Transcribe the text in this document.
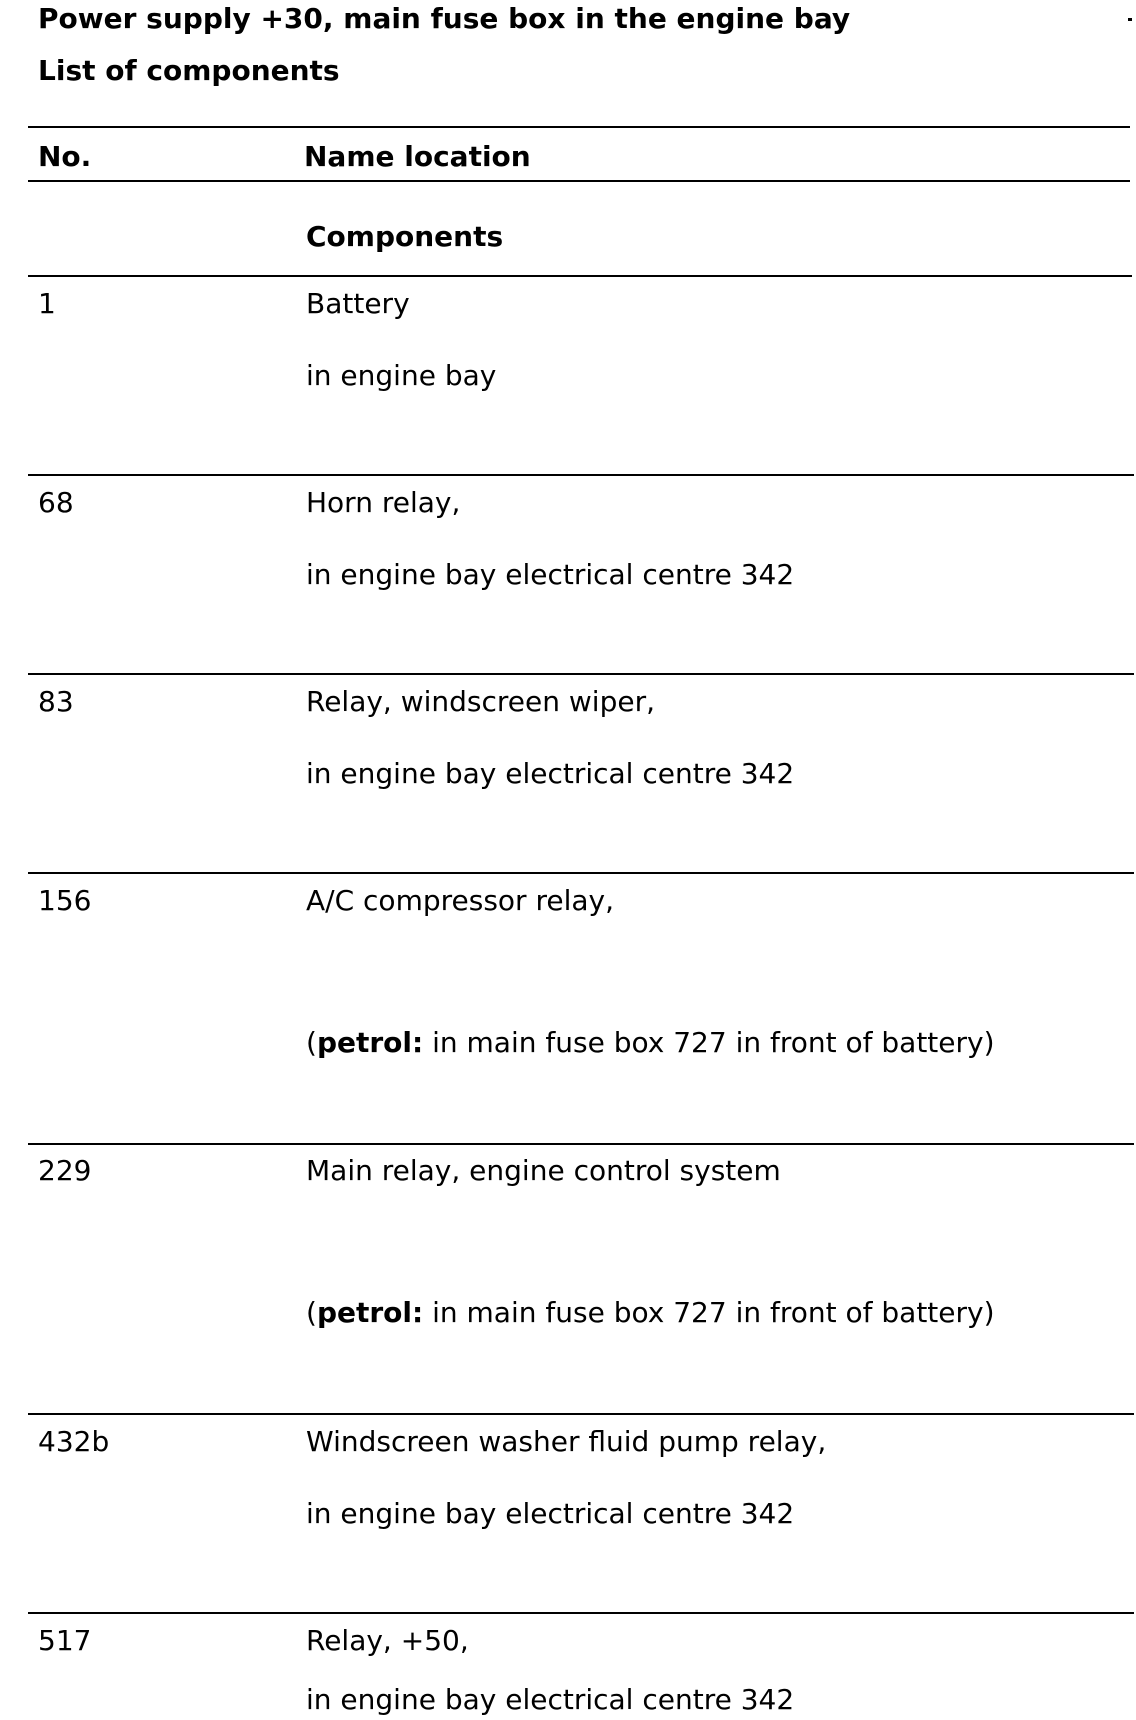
Power supply +30, main fuse box in the engine bay
List of components
No.	Name location
Components
1	Battery
in engine bay
68	Horn relay,
in engine bay electrical centre 342
83	Relay, windscreen wiper,
in engine bay electrical centre 342
156	A/C compressor relay,
(petrol: in main fuse box 727 in front of battery)
229	Main relay, engine control system
(petrol: in main fuse box 727 in front of battery)
432b	Windscreen washer fluid pump relay,
in engine bay electrical centre 342
517	Relay, +50,
in engine bay electrical centre 342
